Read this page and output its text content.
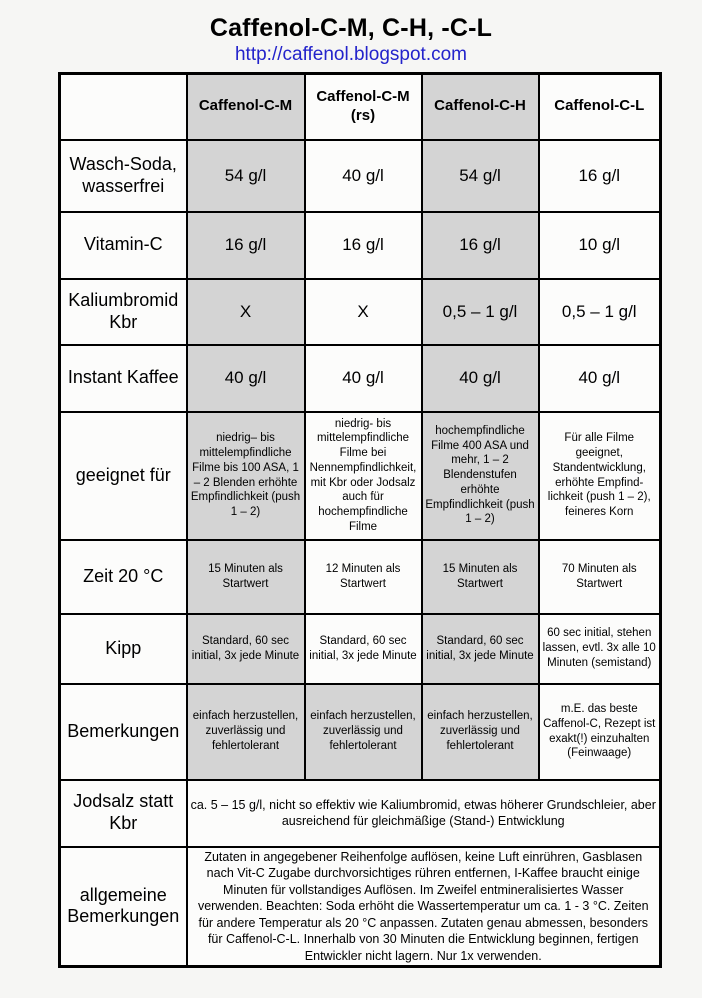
Caffenol-C-M, C-H, -C-L
http://caffenol.blogspot.com
	Caffenol-C-M	Caffenol-C-M (rs)	Caffenol-C-H	Caffenol-C-L
Wasch-Soda, wasserfrei	54 g/l	40 g/l	54 g/l	16 g/l
Vitamin-C	16 g/l	16 g/l	16 g/l	10 g/l
Kaliumbromid Kbr	X	X	0,5 – 1 g/l	0,5 – 1 g/l
Instant Kaffee	40 g/l	40 g/l	40 g/l	40 g/l
geeignet für	niedrig– bis mittelempfindliche Filme bis 100 ASA, 1 – 2 Blenden erhöhte Empfindlichkeit (push 1 – 2)	niedrig- bis mittelempfindliche Filme bei Nennempfindlichkeit, mit Kbr oder Jodsalz auch für hochempfindliche Filme	hochempfindliche Filme 400 ASA und mehr, 1 – 2 Blendenstufen erhöhte Empfindlichkeit (push 1 – 2)	Für alle Filme geeignet, Standentwicklung, erhöhte Empfind- lichkeit (push 1 – 2), feineres Korn
Zeit 20 °C	15 Minuten als Startwert	12 Minuten als Startwert	15 Minuten als Startwert	70 Minuten als Startwert
Kipp	Standard, 60 sec initial, 3x jede Minute	Standard, 60 sec initial, 3x jede Minute	Standard, 60 sec initial, 3x jede Minute	60 sec initial, stehen lassen, evtl. 3x alle 10 Minuten (semistand)
Bemerkungen	einfach herzustellen, zuverlässig und fehlertolerant	einfach herzustellen, zuverlässig und fehlertolerant	einfach herzustellen, zuverlässig und fehlertolerant	m.E. das beste Caffenol-C, Rezept ist exakt(!) einzuhalten (Feinwaage)
Jodsalz statt Kbr	ca. 5 – 15 g/l, nicht so effektiv wie Kaliumbromid, etwas höherer Grundschleier, aber ausreichend für gleichmäßige (Stand-) Entwicklung			
allgemeine Bemerkungen	Zutaten in angegebener Reihenfolge auflösen, keine Luft einrühren, Gasblasen nach Vit-C Zugabe durchvorsichtiges rühren entfernen, I-Kaffee braucht einige Minuten für vollstandiges Auflösen. Im Zweifel entmineralisiertes Wasser verwenden. Beachten: Soda erhöht die Wassertemperatur um ca. 1 - 3 °C. Zeiten für andere Temperatur als 20 °C anpassen. Zutaten genau abmessen, besonders für Caffenol-C-L. Innerhalb von 30 Minuten die Entwicklung beginnen, fertigen Entwickler nicht lagern. Nur 1x verwenden.			
